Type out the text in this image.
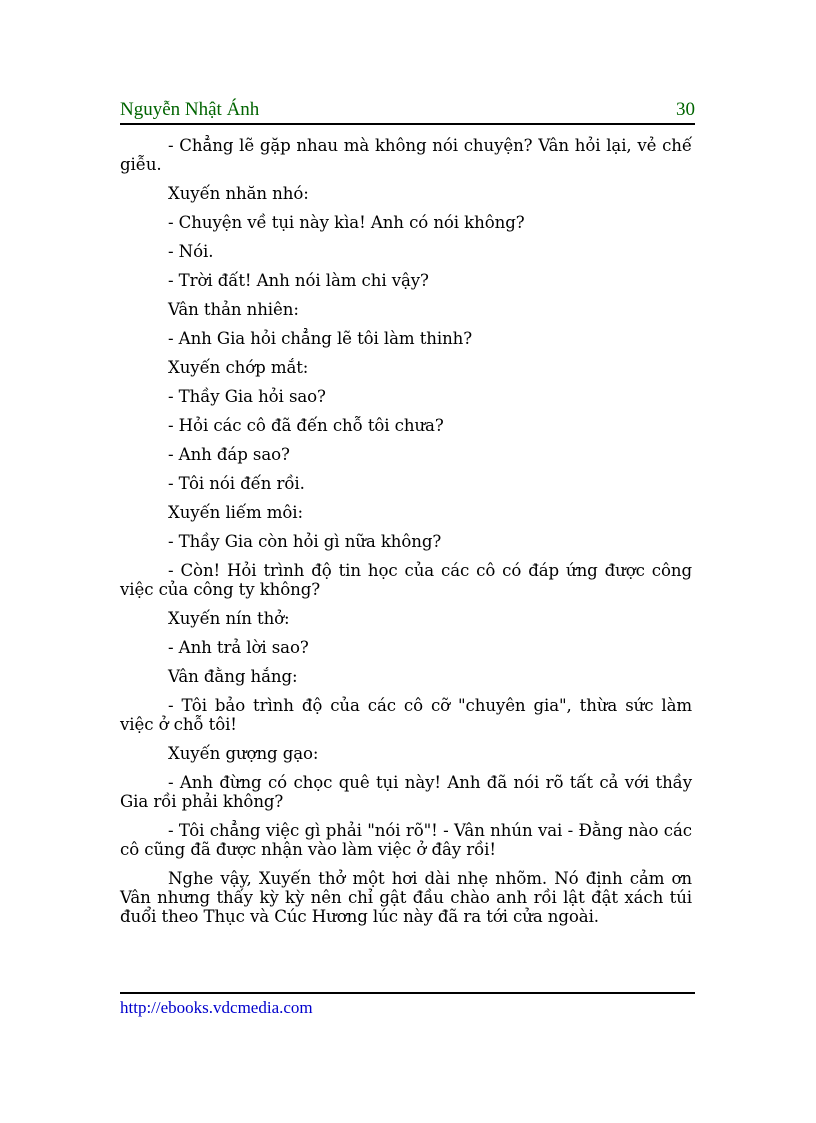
Nguyễn Nhật Ánh	30

- Chẳng lẽ gặp nhau mà không nói chuyện? Vân hỏi lại, vẻ chế giễu.

Xuyến nhăn nhó:

- Chuyện về tụi này kìa! Anh có nói không?

- Nói.

- Trời đất! Anh nói làm chi vậy?

Vân thản nhiên:

- Anh Gia hỏi chẳng lẽ tôi làm thinh?

Xuyến chớp mắt:

- Thầy Gia hỏi sao?

- Hỏi các cô đã đến chỗ tôi chưa?

- Anh đáp sao?

- Tôi nói đến rồi.

Xuyến liếm môi:

- Thầy Gia còn hỏi gì nữa không?

- Còn! Hỏi trình độ tin học của các cô có đáp ứng được công việc của công ty không?

Xuyến nín thở:

- Anh trả lời sao?

Vân đằng hắng:

- Tôi bảo trình độ của các cô cỡ "chuyên gia", thừa sức làm việc ở chỗ tôi!

Xuyến gượng gạo:

- Anh đừng có chọc quê tụi này! Anh đã nói rõ tất cả với thầy Gia rồi phải không?

- Tôi chẳng việc gì phải "nói rõ"! - Vân nhún vai - Đằng nào các cô cũng đã được nhận vào làm việc ở đây rồi!

Nghe vậy, Xuyến thở một hơi dài nhẹ nhõm. Nó định cảm ơn Vân nhưng thấy kỳ kỳ nên chỉ gật đầu chào anh rồi lật đật xách túi đuổi theo Thục và Cúc Hương lúc này đã ra tới cửa ngoài.

http://ebooks.vdcmedia.com
